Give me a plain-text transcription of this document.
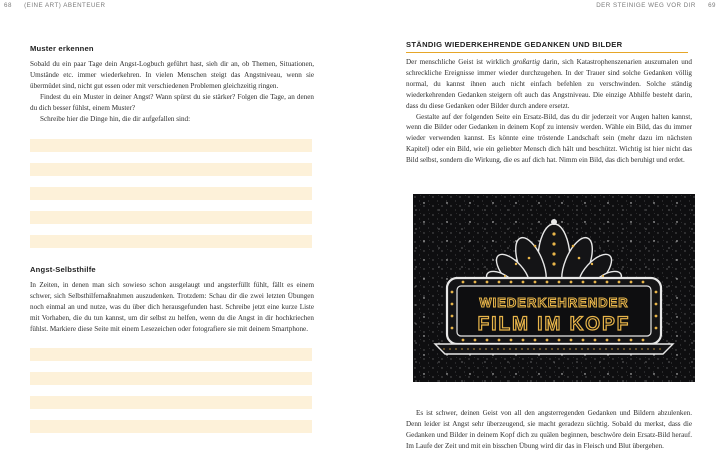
68 (EINE ART) ABENTEUER	DER STEINIGE WEG VOR DIR 69
Muster erkennen

Sobald du ein paar Tage dein Angst-Logbuch geführt hast, sieh dir an, ob Themen, Situationen, Umstände etc. immer wiederkehren. In vielen Menschen steigt das Angstniveau, wenn sie übermüdet sind, nicht gut essen oder mit verschiedenen Problemen gleichzeitig ringen.

Findest du ein Muster in deiner Angst? Wann spürst du sie stärker? Folgen die Tage, an denen du dich besser fühlst, einem Muster?

Schreibe hier die Dinge hin, die dir aufgefallen sind:

Angst-Selbsthilfe

In Zeiten, in denen man sich sowieso schon ausgelaugt und angsterfüllt fühlt, fällt es einem schwer, sich Selbsthilfemaßnahmen auszudenken. Trotzdem: Schau dir die zwei letzten Übungen noch einmal an und nutze, was du über dich herausgefunden hast. Schreibe jetzt eine kurze Liste mit Vorhaben, die du tun kannst, um dir selbst zu helfen, wenn du die Angst in dir hochkriechen fühlst. Markiere diese Seite mit einem Lesezeichen oder fotografiere sie mit deinem Smartphone.

STÄNDIG WIEDERKEHRENDE GEDANKEN UND BILDER

Der menschliche Geist ist wirklich großartig darin, sich Katastrophenszenarien auszumalen und schreckliche Ereignisse immer wieder durchzugehen. In der Trauer sind solche Gedanken völlig normal, du kannst ihnen auch nicht einfach befehlen zu verschwinden. Solche ständig wiederkehrenden Gedanken steigern oft auch das Angstniveau. Die einzige Abhilfe besteht darin, dass du diese Gedanken oder Bilder durch andere ersetzt.

Gestalte auf der folgenden Seite ein Ersatz-Bild, das du dir jederzeit vor Augen halten kannst, wenn die Bilder oder Gedanken in deinem Kopf zu intensiv werden. Wähle ein Bild, das du immer wieder verwenden kannst. Es könnte eine tröstende Landschaft sein (mehr dazu im nächsten Kapitel) oder ein Bild, wie ein geliebter Mensch dich hält und beschützt. Wichtig ist hier nicht das Bild selbst, sondern die Wirkung, die es auf dich hat. Nimm ein Bild, das dich beruhigt und erdet.

WIEDERKEHRENDER
FILM IM KOPF

Es ist schwer, deinen Geist von all den angsterregenden Gedanken und Bildern abzulenken. Denn leider ist Angst sehr überzeugend, sie macht geradezu süchtig. Sobald du merkst, dass die Gedanken und Bilder in deinem Kopf dich zu quälen beginnen, beschwöre dein Ersatz-Bild herauf. Im Laufe der Zeit und mit ein bisschen Übung wird dir das in Fleisch und Blut übergehen.
